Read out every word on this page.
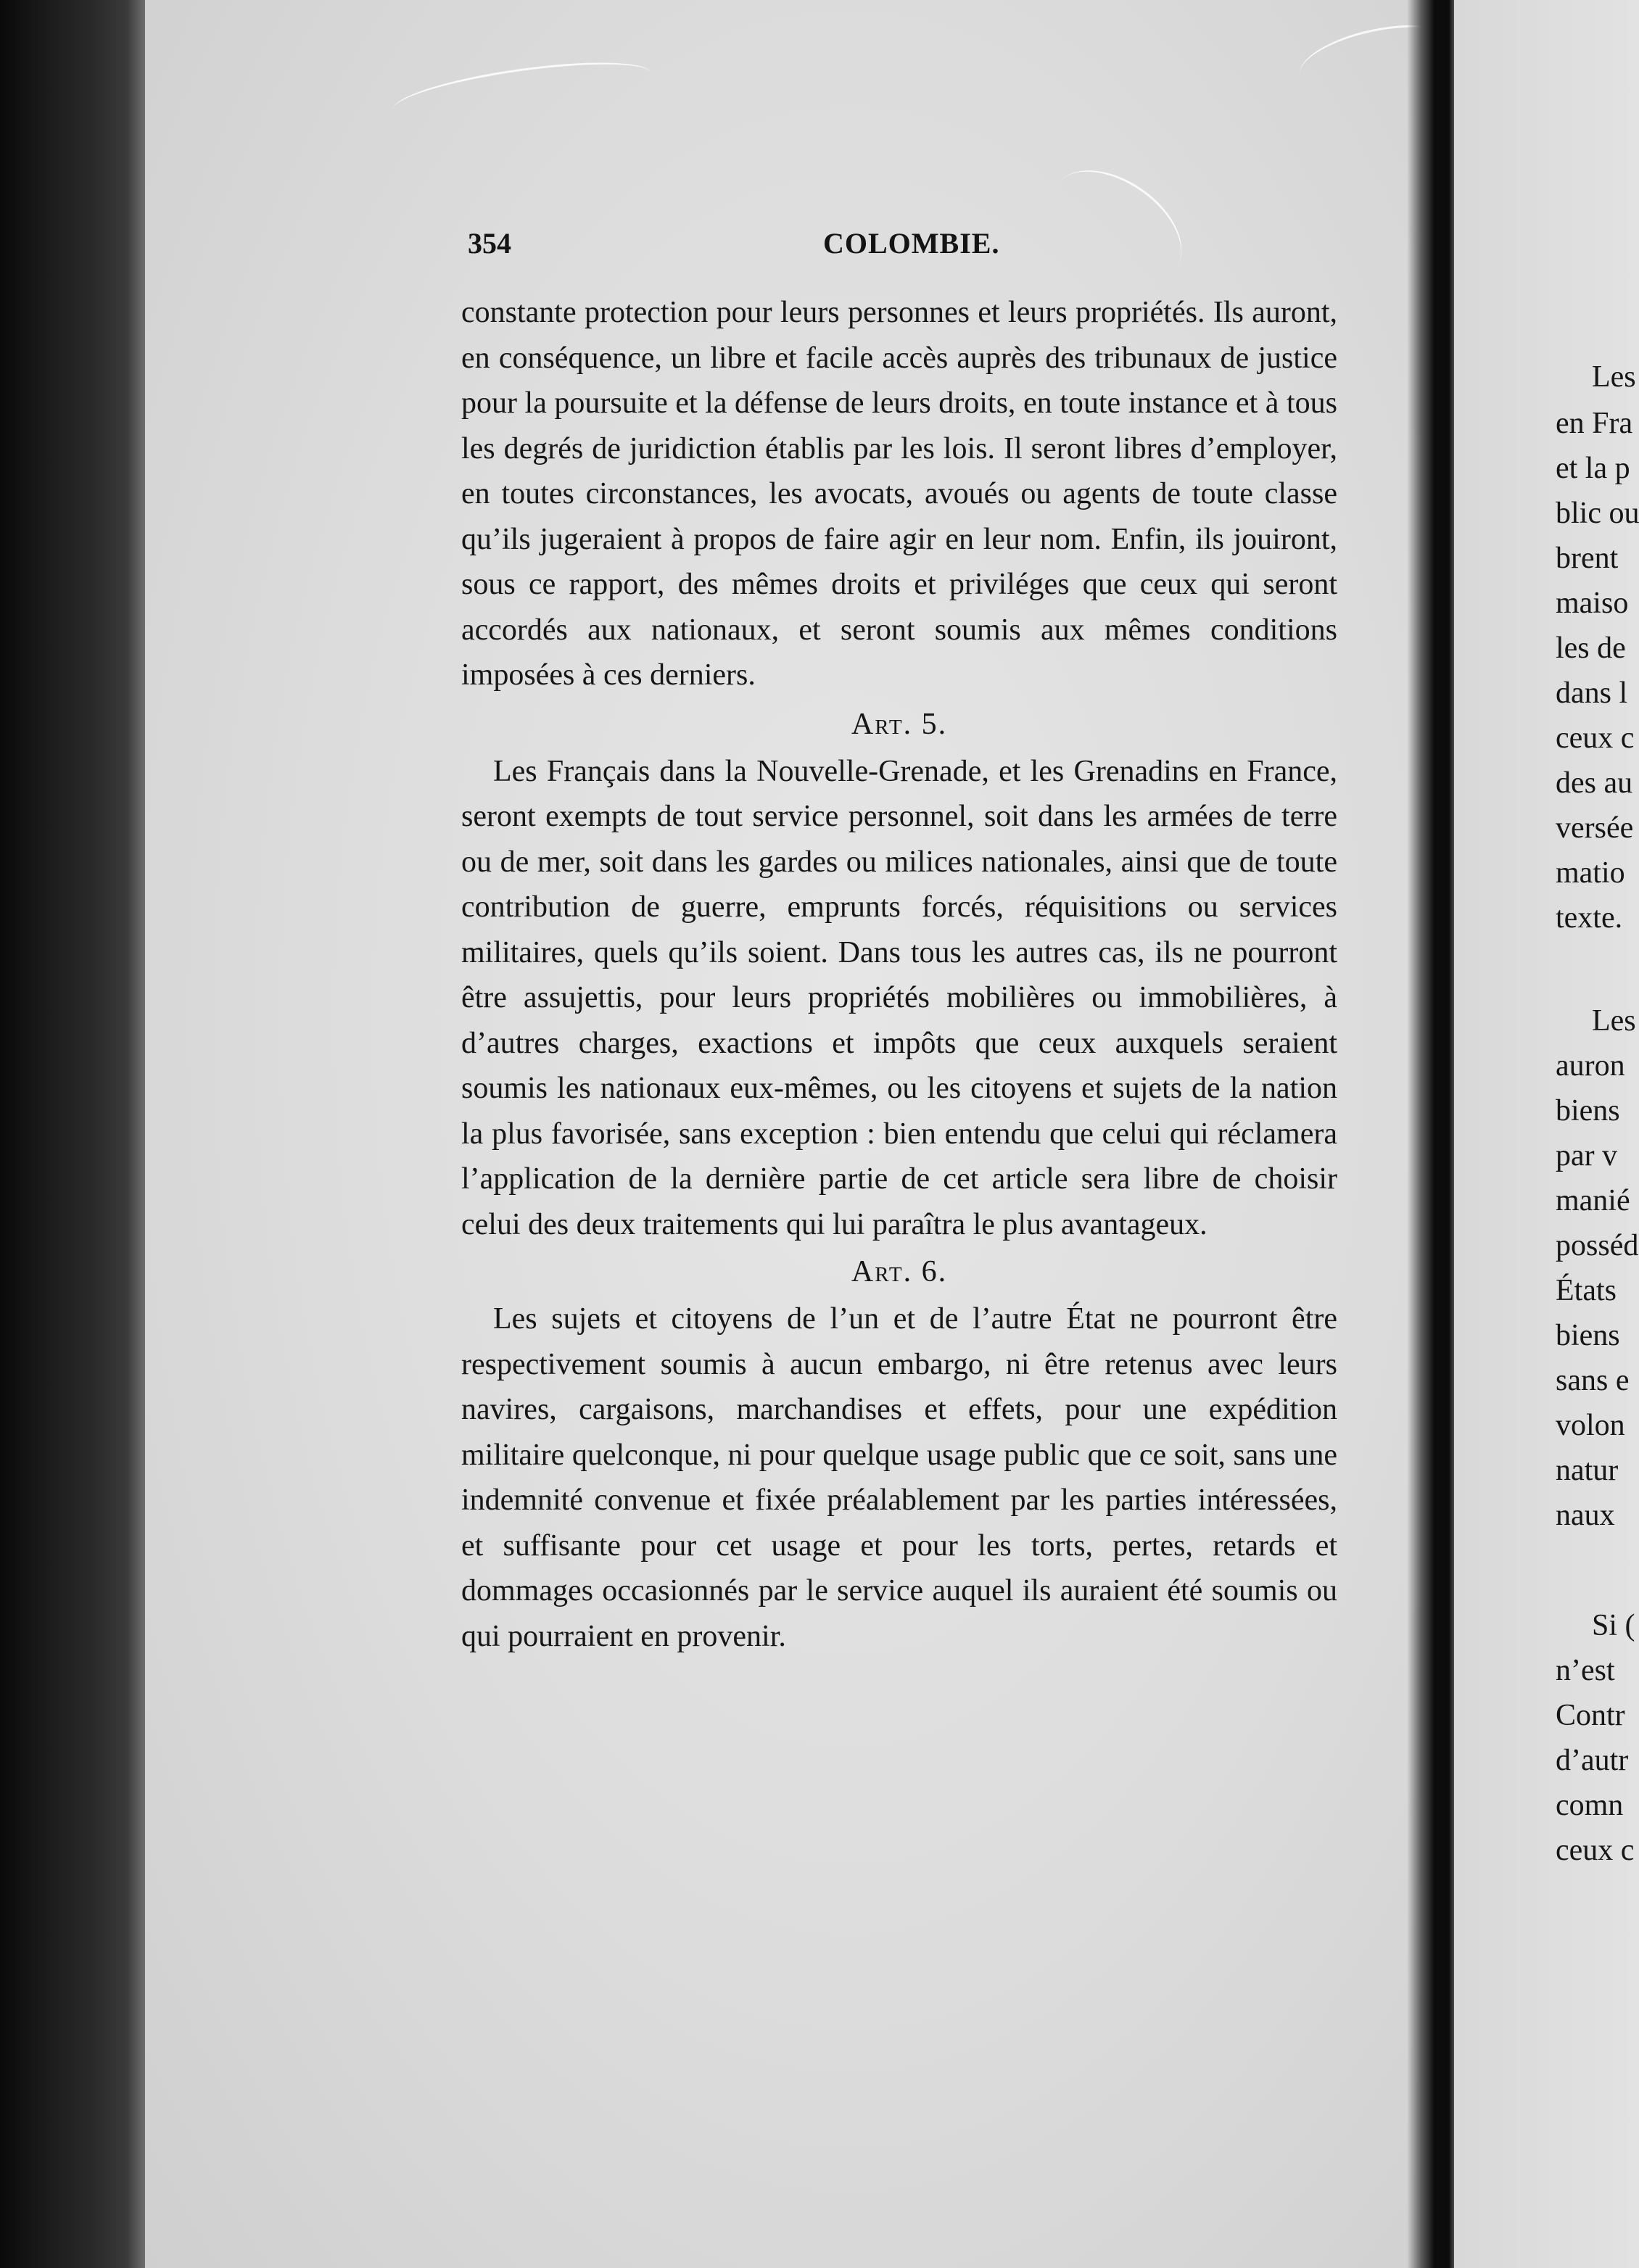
354	COLOMBIE.

constante protection pour leurs personnes et leurs propriétés. Ils auront, en conséquence, un libre et facile accès auprès des tribunaux de justice pour la poursuite et la défense de leurs droits, en toute instance et à tous les degrés de juridiction établis par les lois. Il seront libres d’employer, en toutes circonstances, les avocats, avoués ou agents de toute classe qu’ils jugeraient à propos de faire agir en leur nom. Enfin, ils jouiront, sous ce rapport, des mêmes droits et priviléges que ceux qui seront accordés aux nationaux, et seront soumis aux mêmes conditions imposées à ces derniers.

Art. 5.

Les Français dans la Nouvelle-Grenade, et les Grenadins en France, seront exempts de tout service personnel, soit dans les armées de terre ou de mer, soit dans les gardes ou milices nationales, ainsi que de toute contribution de guerre, emprunts forcés, réquisitions ou services militaires, quels qu’ils soient. Dans tous les autres cas, ils ne pourront être assujettis, pour leurs propriétés mobilières ou immobilières, à d’autres charges, exactions et impôts que ceux auxquels seraient soumis les nationaux eux-mêmes, ou les citoyens et sujets de la nation la plus favorisée, sans exception : bien entendu que celui qui réclamera l’application de la dernière partie de cet article sera libre de choisir celui des deux traitements qui lui paraîtra le plus avantageux.

Art. 6.

Les sujets et citoyens de l’un et de l’autre État ne pourront être respectivement soumis à aucun embargo, ni être retenus avec leurs navires, cargaisons, marchandises et effets, pour une expédition militaire quelconque, ni pour quelque usage public que ce soit, sans une indemnité convenue et fixée préalablement par les parties intéressées, et suffisante pour cet usage et pour les torts, pertes, retards et dommages occasionnés par le service auquel ils auraient été soumis ou qui pourraient en provenir.

Les
en Fra
et la p
blic ou
brent
maiso
les de
dans l
ceux c
des au
versée
matio
texte.
Les
auron
biens
par v
manié
posséd
États
biens
sans e
volon
natur
naux
Si (
n’est
Contr
d’autr
comn
ceux c
